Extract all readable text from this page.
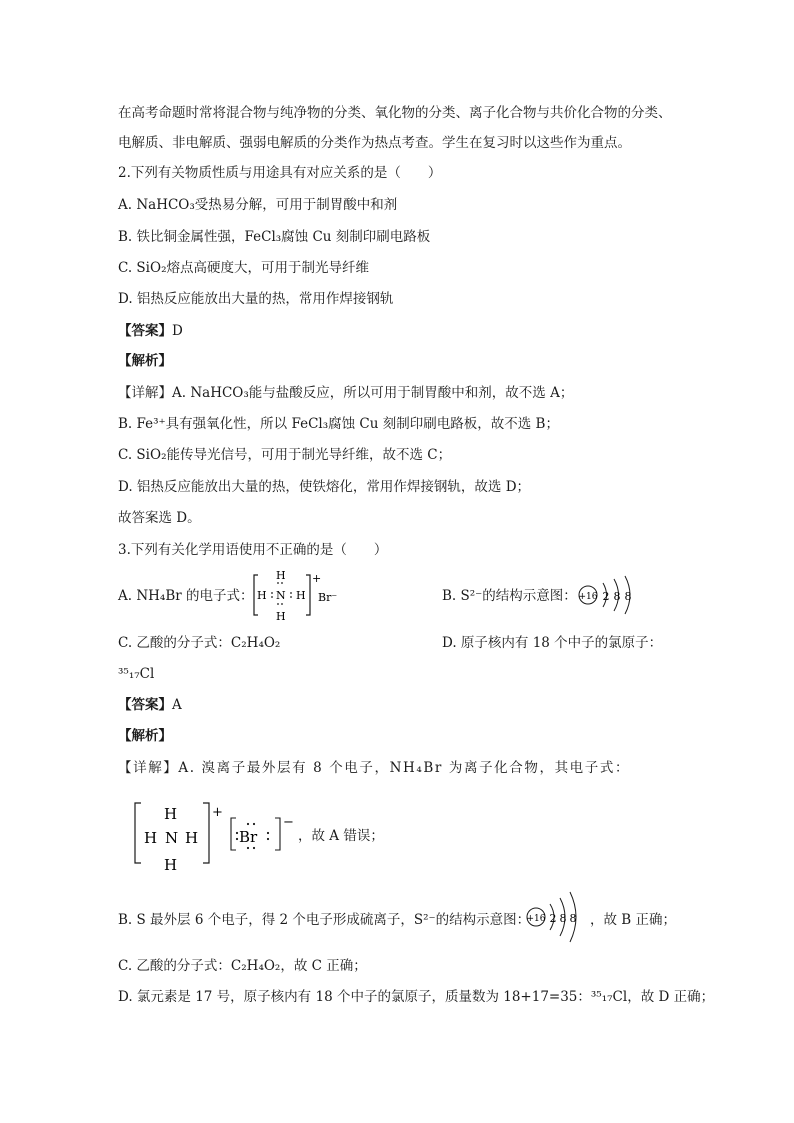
在高考命题时常将混合物与纯净物的分类、氧化物的分类、离子化合物与共价化合物的分类、
电解质、非电解质、强弱电解质的分类作为热点考查。学生在复习时以这些作为重点。
2.下列有关物质性质与用途具有对应关系的是（　　）
A. NaHCO₃受热易分解，可用于制胃酸中和剂
B. 铁比铜金属性强，FeCl₃腐蚀 Cu 刻制印刷电路板
C. SiO₂熔点高硬度大，可用于制光导纤维
D. 铝热反应能放出大量的热，常用作焊接钢轨
【答案】D
【解析】
【详解】A. NaHCO₃能与盐酸反应，所以可用于制胃酸中和剂，故不选 A；
B. Fe³⁺具有强氧化性，所以 FeCl₃腐蚀 Cu 刻制印刷电路板，故不选 B；
C. SiO₂能传导光信号，可用于制光导纤维，故不选 C；
D. 铝热反应能放出大量的热，使铁熔化，常用作焊接钢轨，故选 D；
故答案选 D。
3.下列有关化学用语使用不正确的是（　　）
A. NH₄Br 的电子式：
H
H N H
H
+
Br⁻	B. S²⁻的结构示意图： +16 2 8 8
C. 乙酸的分子式：C₂H₄O₂	D. 原子核内有 18 个中子的氯原子：
³⁵₁₇Cl
【答案】A
【解析】
【详解】A. 溴离子最外层有 8 个电子，NH₄Br 为离子化合物，其电子式：
H
H N H
H
+
Br
−
，故 A 错误；
B. S 最外层 6 个电子，得 2 个电子形成硫离子，S²⁻的结构示意图：
+16 2 8 8 ，故 B 正确；
C. 乙酸的分子式：C₂H₄O₂，故 C 正确；
D. 氯元素是 17 号，原子核内有 18 个中子的氯原子，质量数为 18+17=35：³⁵₁₇Cl，故 D 正确；
